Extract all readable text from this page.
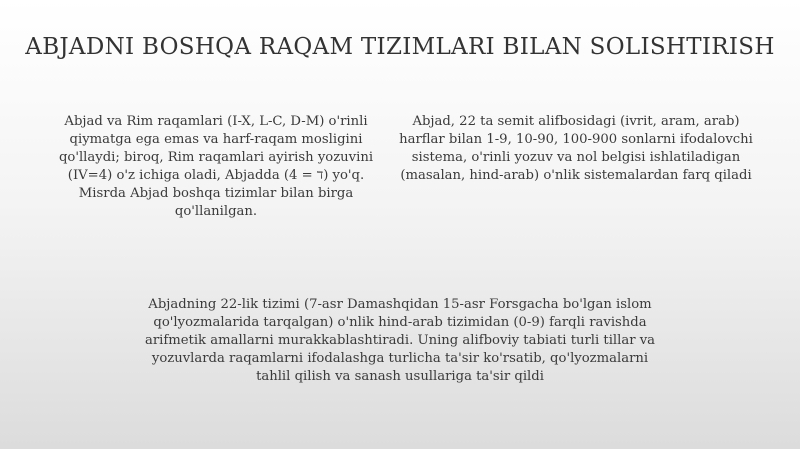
ABJADNI BOSHQA RAQAM TIZIMLARI BILAN SOLISHTIRISH
Abjad va Rim raqamlari (I-X, L-C, D-M) o'rinli qiymatga ega emas va harf-raqam mosligini qo'llaydi; biroq, Rim raqamlari ayirish yozuvini (IV=4) o'z ichiga oladi, Abjadda (4 = ד) yo'q. Misrda Abjad boshqa tizimlar bilan birga qo'llanilgan.
Abjad, 22 ta semit alifbosidagi (ivrit, aram, arab) harflar bilan 1-9, 10-90, 100-900 sonlarni ifodalovchi sistema, o'rinli yozuv va nol belgisi ishlatiladigan (masalan, hind-arab) o'nlik sistemalardan farq qiladi
Abjadning 22-lik tizimi (7-asr Damashqidan 15-asr Forsgacha bo'lgan islom qo'lyozmalarida tarqalgan) o'nlik hind-arab tizimidan (0-9) farqli ravishda arifmetik amallarni murakkablashtiradi. Uning alifboviy tabiati turli tillar va yozuvlarda raqamlarni ifodalashga turlicha ta'sir ko'rsatib, qo'lyozmalarni tahlil qilish va sanash usullariga ta'sir qildi
